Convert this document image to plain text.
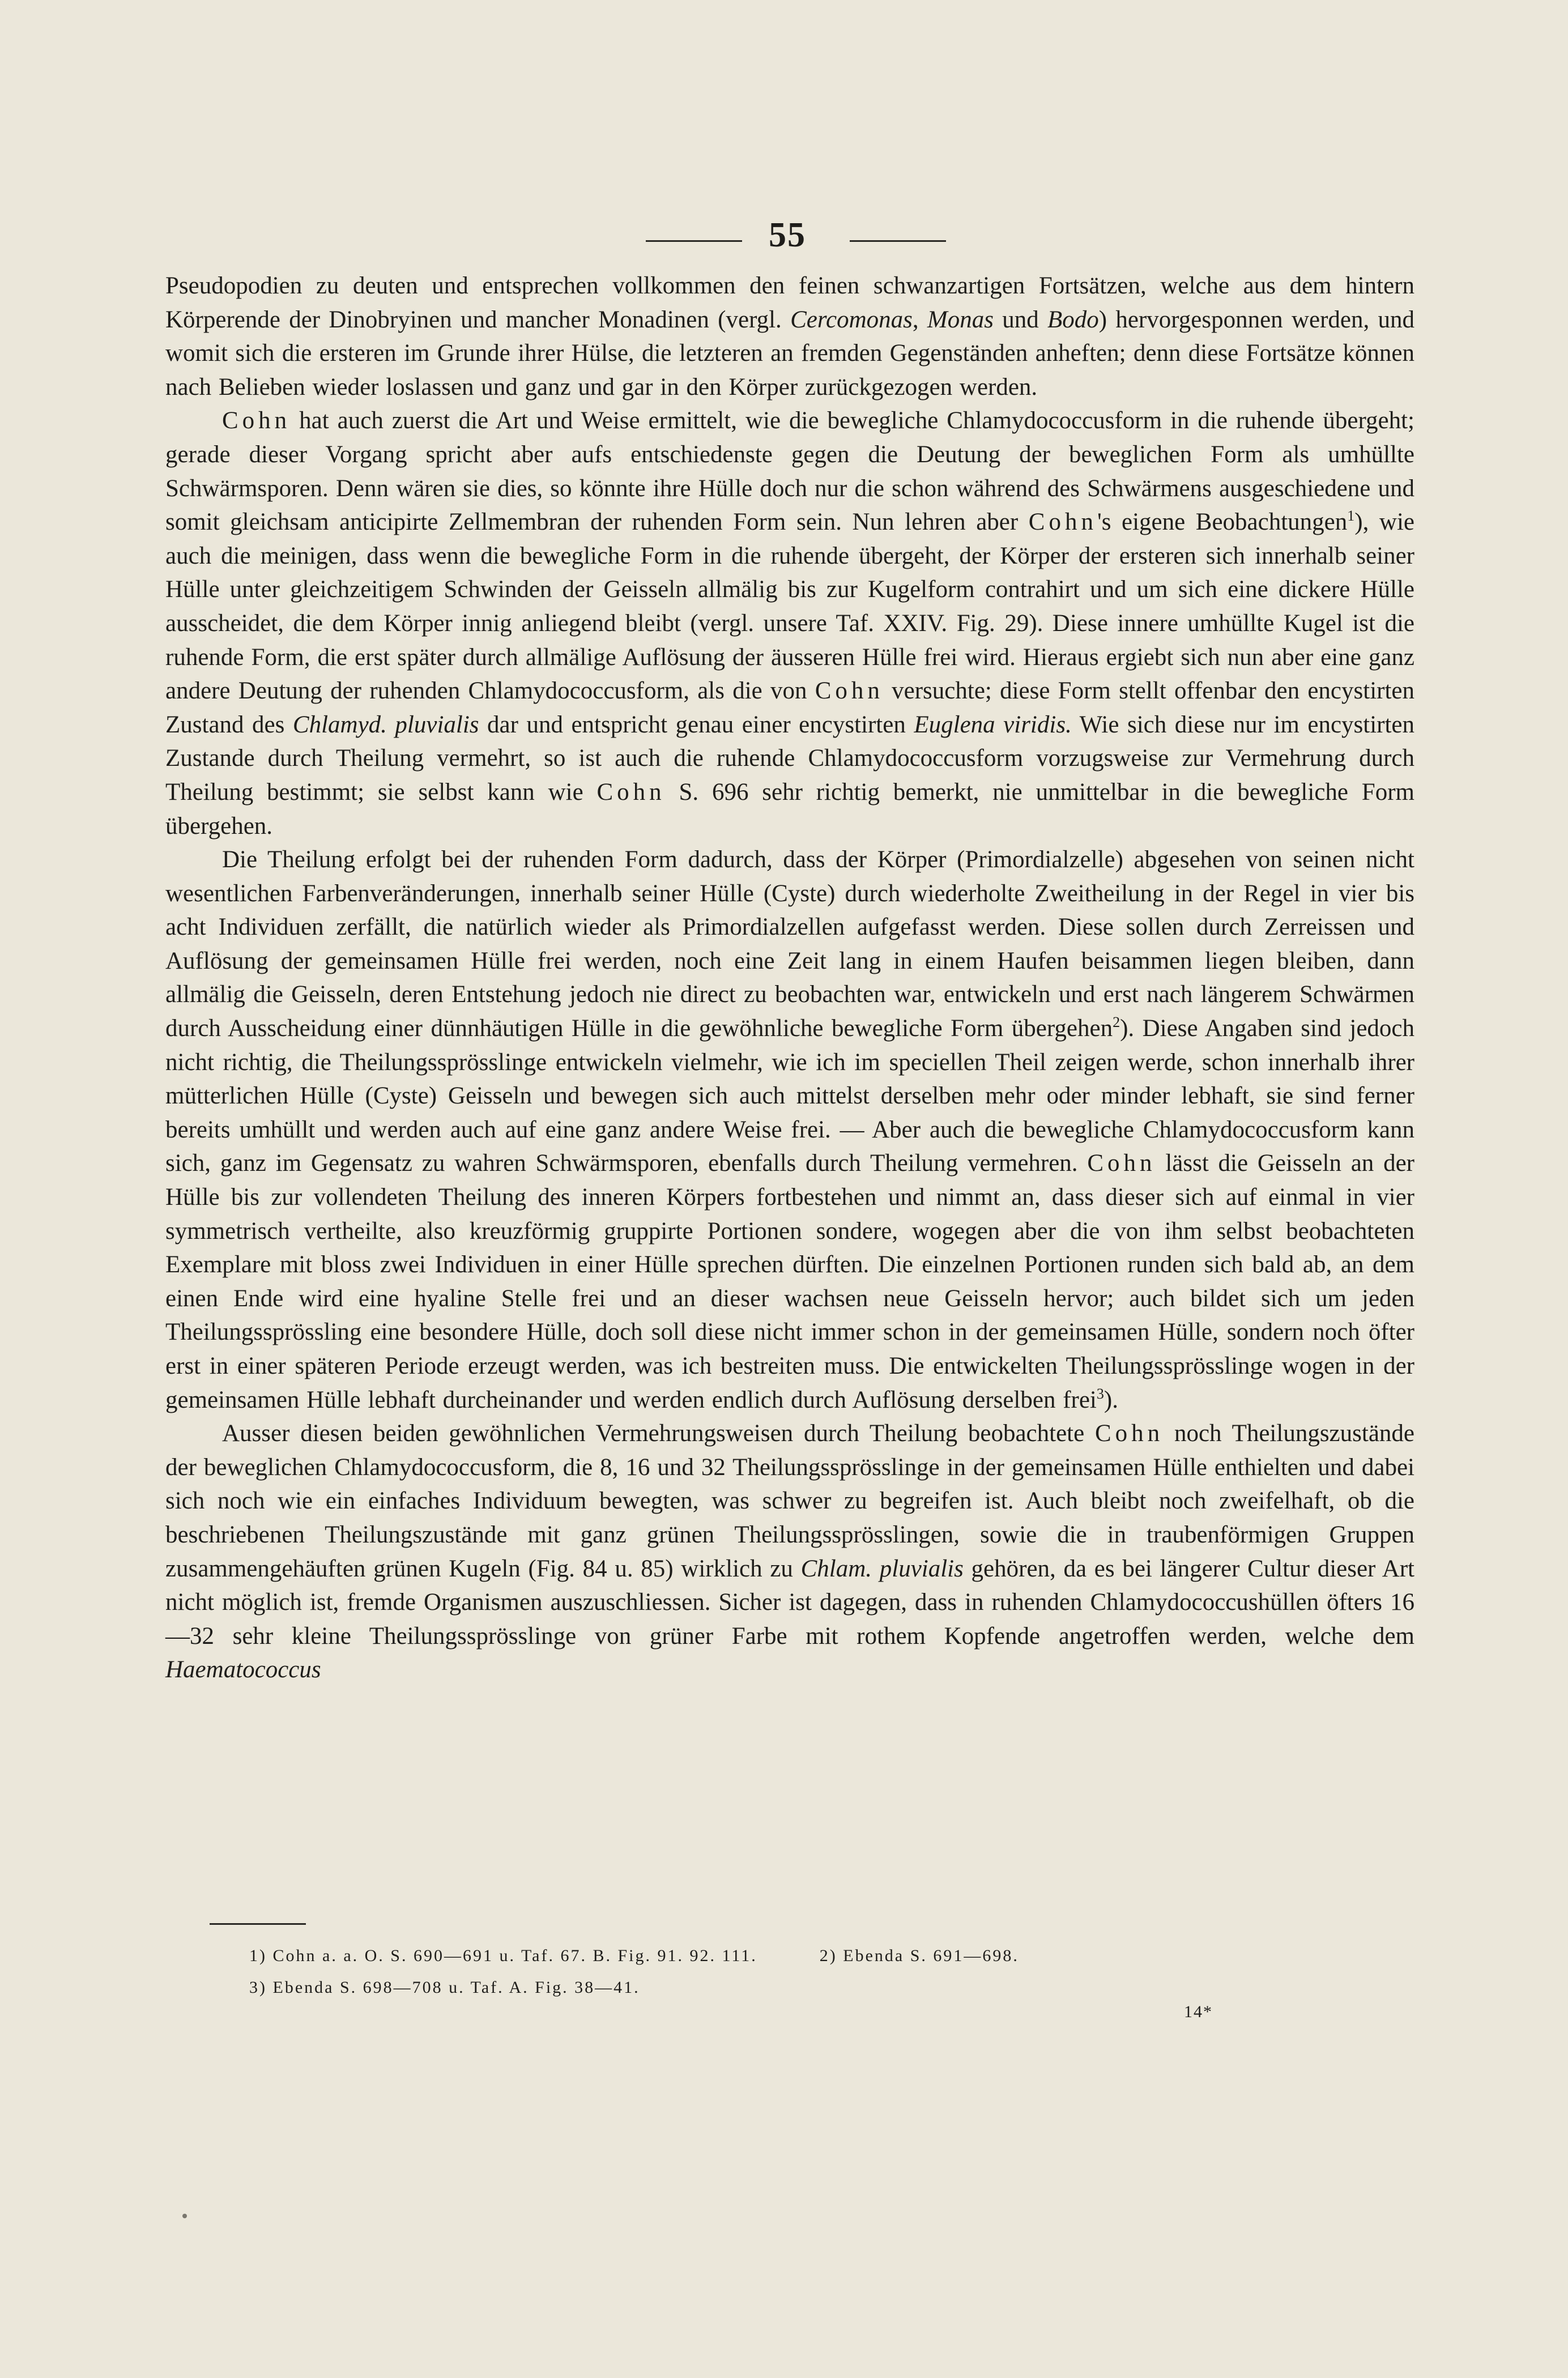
55

Pseudopodien zu deuten und entsprechen vollkommen den feinen schwanzartigen Fortsätzen, welche aus dem hintern Körperende der Dinobryinen und mancher Monadinen (vergl. Cercomonas, Monas und Bodo) hervorgesponnen werden, und womit sich die ersteren im Grunde ihrer Hülse, die letzteren an fremden Gegenständen anheften; denn diese Fortsätze können nach Belieben wieder loslassen und ganz und gar in den Körper zurückgezogen werden.

Cohn hat auch zuerst die Art und Weise ermittelt, wie die bewegliche Chlamydococcusform in die ruhende übergeht; gerade dieser Vorgang spricht aber aufs entschiedenste gegen die Deutung der beweglichen Form als umhüllte Schwärmsporen. Denn wären sie dies, so könnte ihre Hülle doch nur die schon während des Schwärmens ausgeschiedene und somit gleichsam anticipirte Zellmembran der ruhenden Form sein. Nun lehren aber Cohn's eigene Beobachtungen$^1$), wie auch die meinigen, dass wenn die bewegliche Form in die ruhende übergeht, der Körper der ersteren sich innerhalb seiner Hülle unter gleichzeitigem Schwinden der Geisseln allmälig bis zur Kugelform contrahirt und um sich eine dickere Hülle ausscheidet, die dem Körper innig anliegend bleibt (vergl. unsere Taf. XXIV. Fig. 29). Diese innere umhüllte Kugel ist die ruhende Form, die erst später durch allmälige Auflösung der äusseren Hülle frei wird. Hieraus ergiebt sich nun aber eine ganz andere Deutung der ruhenden Chlamydococcusform, als die von Cohn versuchte; diese Form stellt offenbar den encystirten Zustand des Chlamyd. pluvialis dar und entspricht genau einer encystirten Euglena viridis. Wie sich diese nur im encystirten Zustande durch Theilung vermehrt, so ist auch die ruhende Chlamydococcusform vorzugsweise zur Vermehrung durch Theilung bestimmt; sie selbst kann wie Cohn S. 696 sehr richtig bemerkt, nie unmittelbar in die bewegliche Form übergehen.

Die Theilung erfolgt bei der ruhenden Form dadurch, dass der Körper (Primordialzelle) abgesehen von seinen nicht wesentlichen Farbenveränderungen, innerhalb seiner Hülle (Cyste) durch wiederholte Zweitheilung in der Regel in vier bis acht Individuen zerfällt, die natürlich wieder als Primordialzellen aufgefasst werden. Diese sollen durch Zerreissen und Auflösung der gemeinsamen Hülle frei werden, noch eine Zeit lang in einem Haufen beisammen liegen bleiben, dann allmälig die Geisseln, deren Entstehung jedoch nie direct zu beobachten war, entwickeln und erst nach längerem Schwärmen durch Ausscheidung einer dünnhäutigen Hülle in die gewöhnliche bewegliche Form übergehen$^2$). Diese Angaben sind jedoch nicht richtig, die Theilungssprösslinge entwickeln vielmehr, wie ich im speciellen Theil zeigen werde, schon innerhalb ihrer mütterlichen Hülle (Cyste) Geisseln und bewegen sich auch mittelst derselben mehr oder minder lebhaft, sie sind ferner bereits umhüllt und werden auch auf eine ganz andere Weise frei. — Aber auch die bewegliche Chlamydococcusform kann sich, ganz im Gegensatz zu wahren Schwärmsporen, ebenfalls durch Theilung vermehren. Cohn lässt die Geisseln an der Hülle bis zur vollendeten Theilung des inneren Körpers fortbestehen und nimmt an, dass dieser sich auf einmal in vier symmetrisch vertheilte, also kreuzförmig gruppirte Portionen sondere, wogegen aber die von ihm selbst beobachteten Exemplare mit bloss zwei Individuen in einer Hülle sprechen dürften. Die einzelnen Portionen runden sich bald ab, an dem einen Ende wird eine hyaline Stelle frei und an dieser wachsen neue Geisseln hervor; auch bildet sich um jeden Theilungssprössling eine besondere Hülle, doch soll diese nicht immer schon in der gemeinsamen Hülle, sondern noch öfter erst in einer späteren Periode erzeugt werden, was ich bestreiten muss. Die entwickelten Theilungssprösslinge wogen in der gemeinsamen Hülle lebhaft durcheinander und werden endlich durch Auflösung derselben frei$^3$).

Ausser diesen beiden gewöhnlichen Vermehrungsweisen durch Theilung beobachtete Cohn noch Theilungszustände der beweglichen Chlamydococcusform, die 8, 16 und 32 Theilungssprösslinge in der gemeinsamen Hülle enthielten und dabei sich noch wie ein einfaches Individuum bewegten, was schwer zu begreifen ist. Auch bleibt noch zweifelhaft, ob die beschriebenen Theilungszustände mit ganz grünen Theilungssprösslingen, sowie die in traubenförmigen Gruppen zusammengehäuften grünen Kugeln (Fig. 84 u. 85) wirklich zu Chlam. pluvialis gehören, da es bei längerer Cultur dieser Art nicht möglich ist, fremde Organismen auszuschliessen. Sicher ist dagegen, dass in ruhenden Chlamydococcushüllen öfters 16—32 sehr kleine Theilungssprösslinge von grüner Farbe mit rothem Kopfende angetroffen werden, welche dem Haematococcus

1) Cohn a. a. O. S. 690—691 u. Taf. 67. B. Fig. 91. 92. 111.	2) Ebenda S. 691—698.
3) Ebenda S. 698—708 u. Taf. A. Fig. 38—41.
14*
